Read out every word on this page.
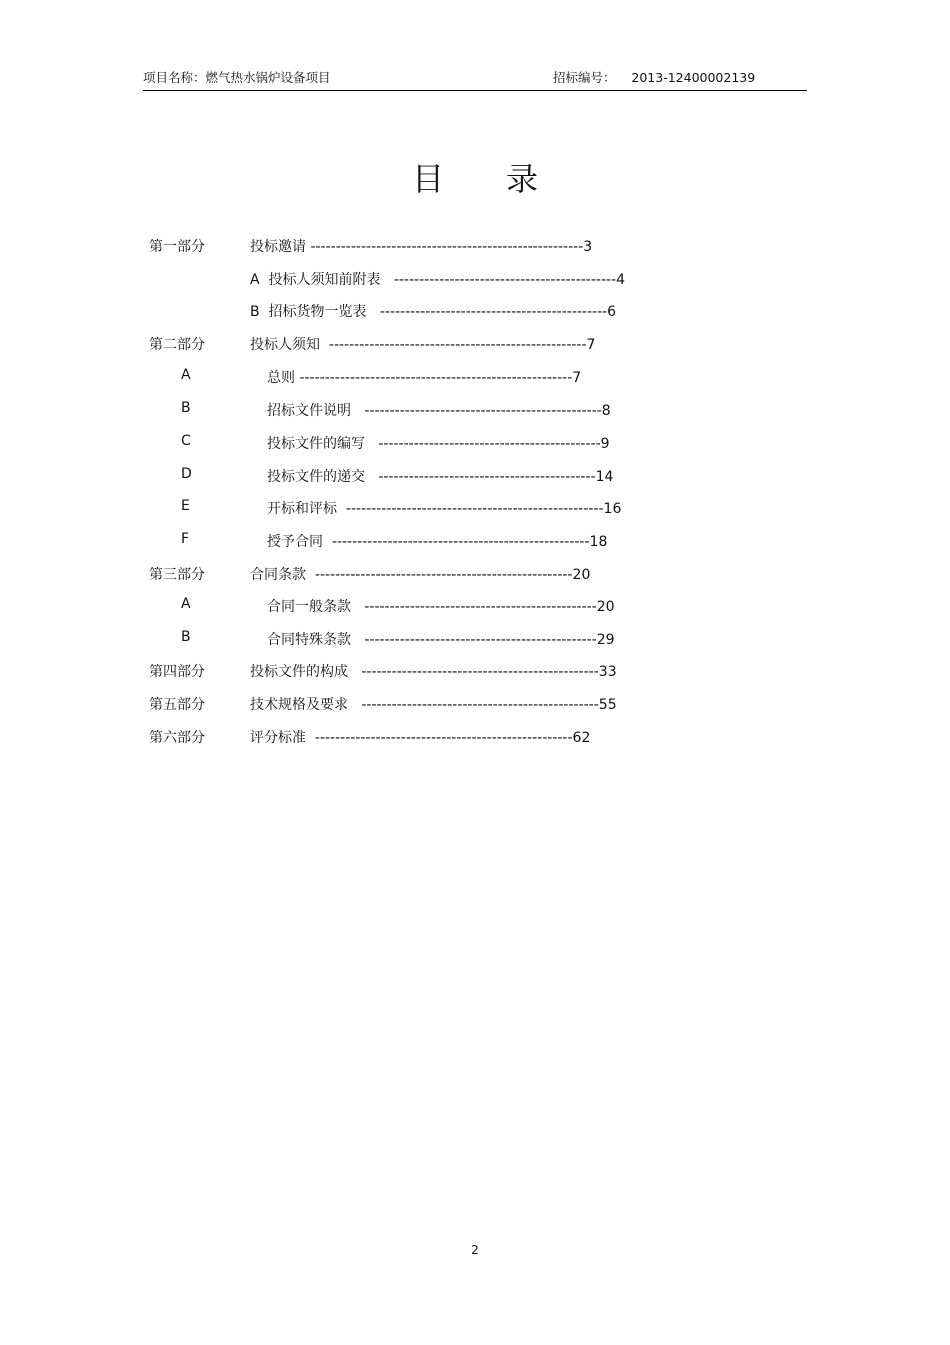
项目名称：燃气热水锅炉设备项目	招标编号：    2013-12400002139
目录
第一部分	投标邀请 ------------------------------------------------------3
A  投标人须知前附表   --------------------------------------------4
B  招标货物一览表   ---------------------------------------------6
第二部分	投标人须知  ---------------------------------------------------7
A	总则 ------------------------------------------------------7
B	招标文件说明   -----------------------------------------------8
C	投标文件的编写   --------------------------------------------9
D	投标文件的递交   -------------------------------------------14
E	开标和评标  ---------------------------------------------------16
F	授予合同  ---------------------------------------------------18
第三部分	合同条款  ---------------------------------------------------20
A	合同一般条款   ----------------------------------------------20
B	合同特殊条款   ----------------------------------------------29
第四部分	投标文件的构成   -----------------------------------------------33
第五部分	技术规格及要求   -----------------------------------------------55
第六部分	评分标准  ---------------------------------------------------62
2
